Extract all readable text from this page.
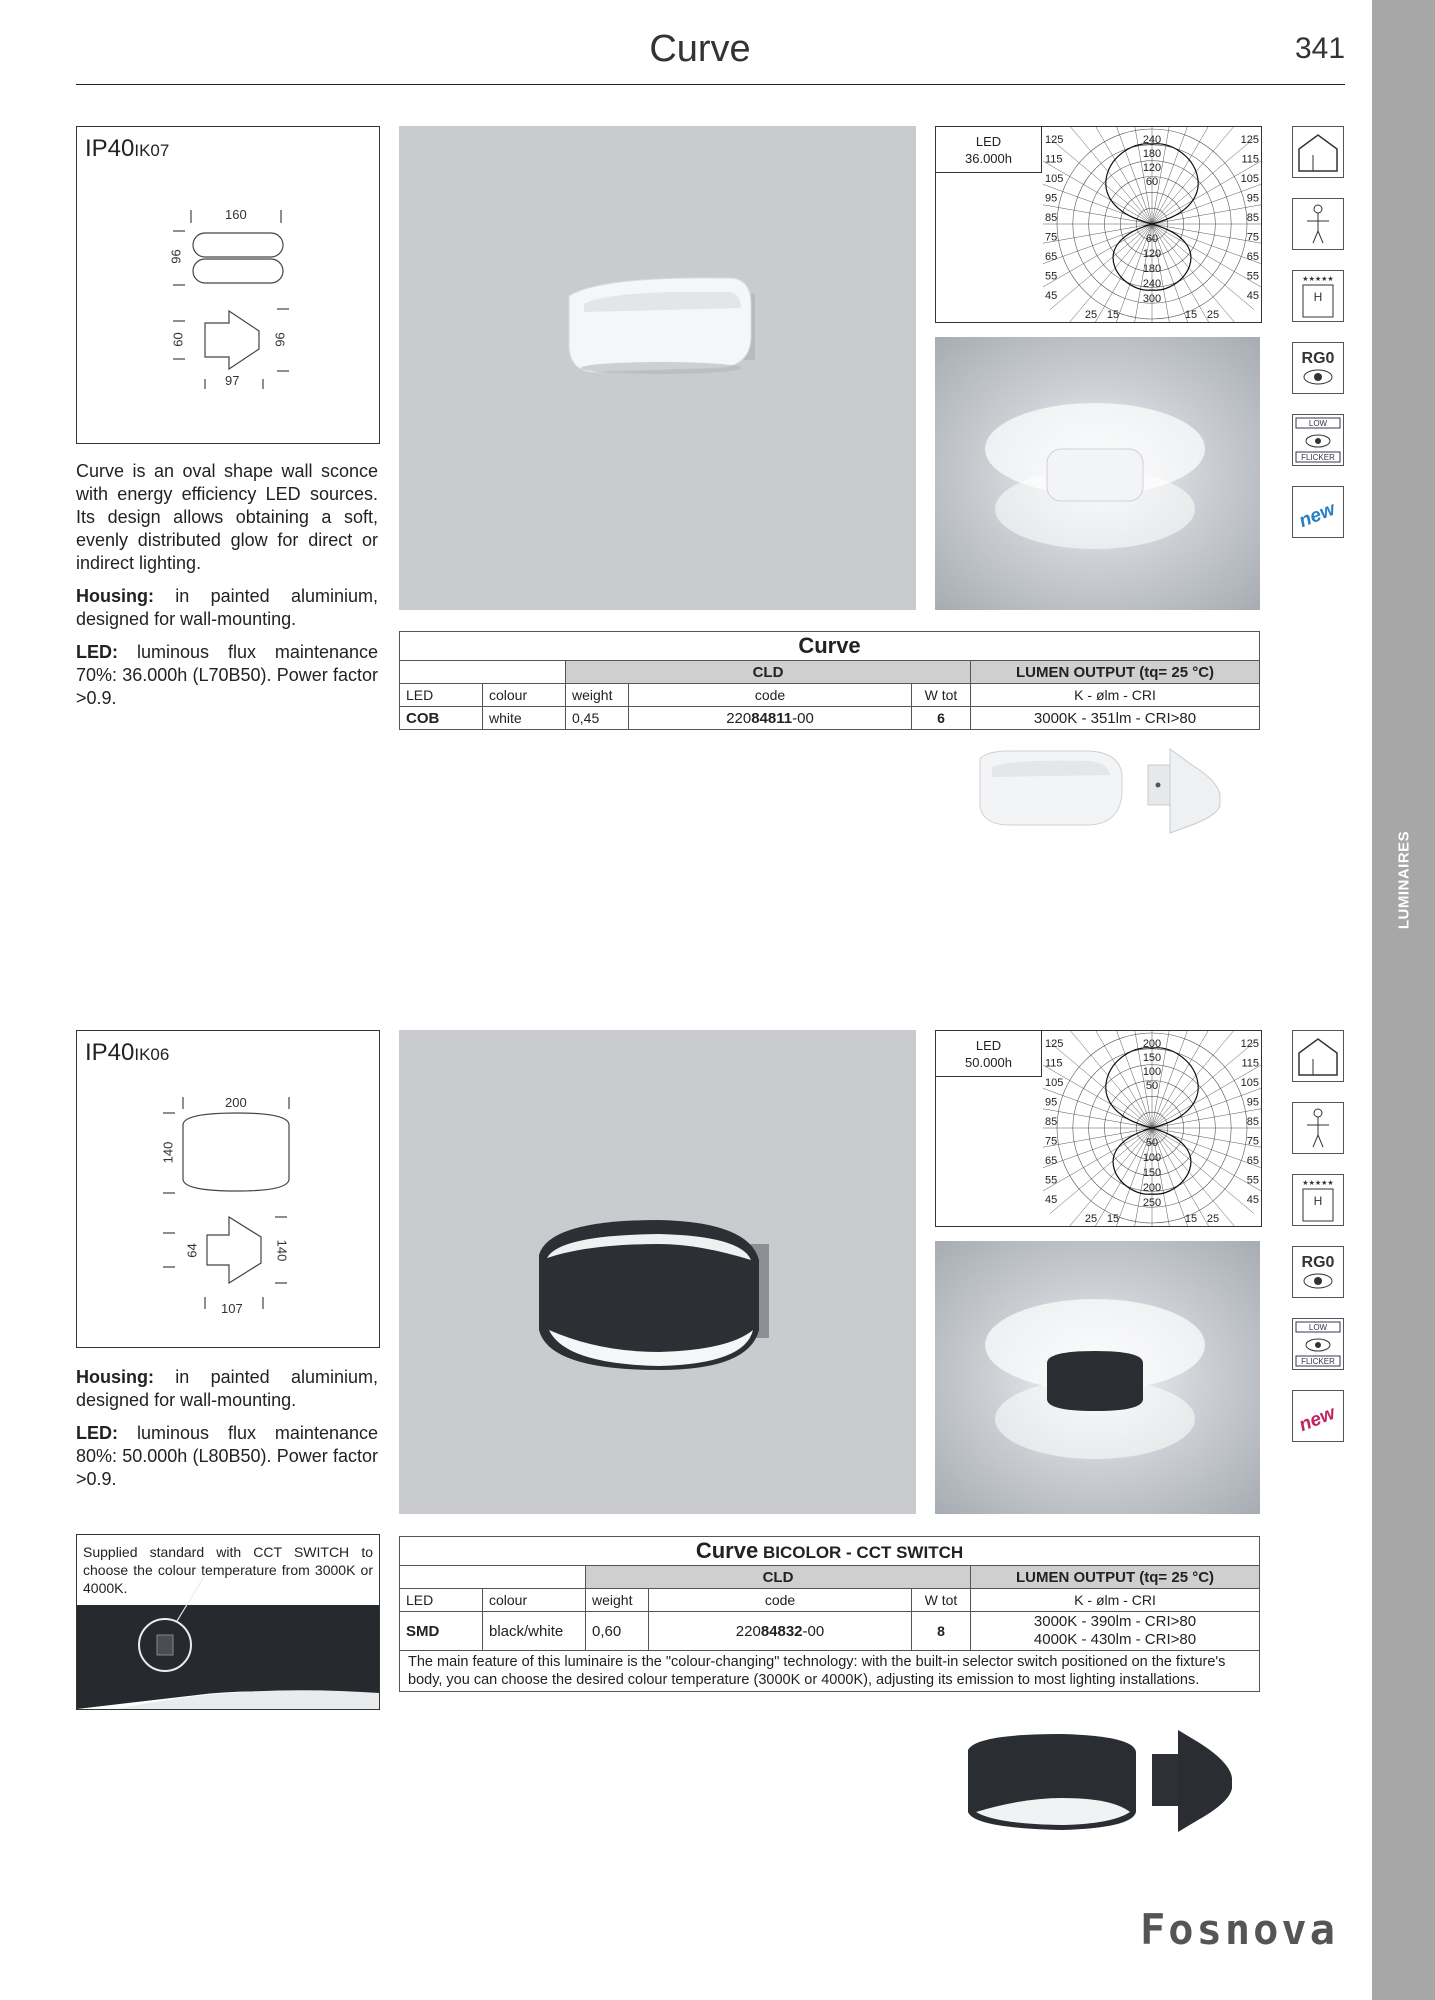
Curve	341
LUMINAIRES
IP40IK07
160
96
60	96
97

Curve is an oval shape wall sconce with energy efficiency LED sources. Its design allows obtaining a soft, evenly distributed glow for direct or indirect lighting.

Housing: in painted aluminium, designed for wall-mounting.

LED: luminous flux maintenance 70%: 36.000h (L70B50). Power factor >0.9.

LED
36.000h
125
115
105
95
85
75
65
55
45
125
115
105
95
85
75
65
55
45
240
180
120
60
60
120
180
240
300
25 15	15 25
★★★★★
H
RG0
LOW
FLICKER
new
Curve					
		CLD			LUMEN OUTPUT (tq= 25 °C)
LED	colour	weight	code	W tot	K - ølm - CRI
COB	white	0,45	22084811-00	6	3000K - 351lm - CRI>80
IP40IK06
200
140
64	140
107

Housing: in painted aluminium, designed for wall-mounting.

LED: luminous flux maintenance 80%: 50.000h (L80B50). Power factor >0.9.

LED
50.000h
125
115
105
95
85
75
65
55
45
125
115
105
95
85
75
65
55
45
200
150
100
50
50
100
150
200
250
25 15	15 25
★★★★★
H
RG0
LOW
FLICKER
new
Supplied standard with CCT SWITCH to choose the colour temperature from 3000K or 4000K.
Curve BICOLOR - CCT SWITCH					
		CLD			LUMEN OUTPUT (tq= 25 °C)
LED	colour	weight	code	W tot	K - ølm - CRI
SMD	black/white	0,60	22084832-00	8	3000K - 390lm - CRI>80
4000K - 430lm - CRI>80
The main feature of this luminaire is the "colour-changing" technology: with the built-in selector switch positioned on the fixture's body, you can choose the desired colour temperature (3000K or 4000K), adjusting its emission to most lighting installations.					
Fosnova
